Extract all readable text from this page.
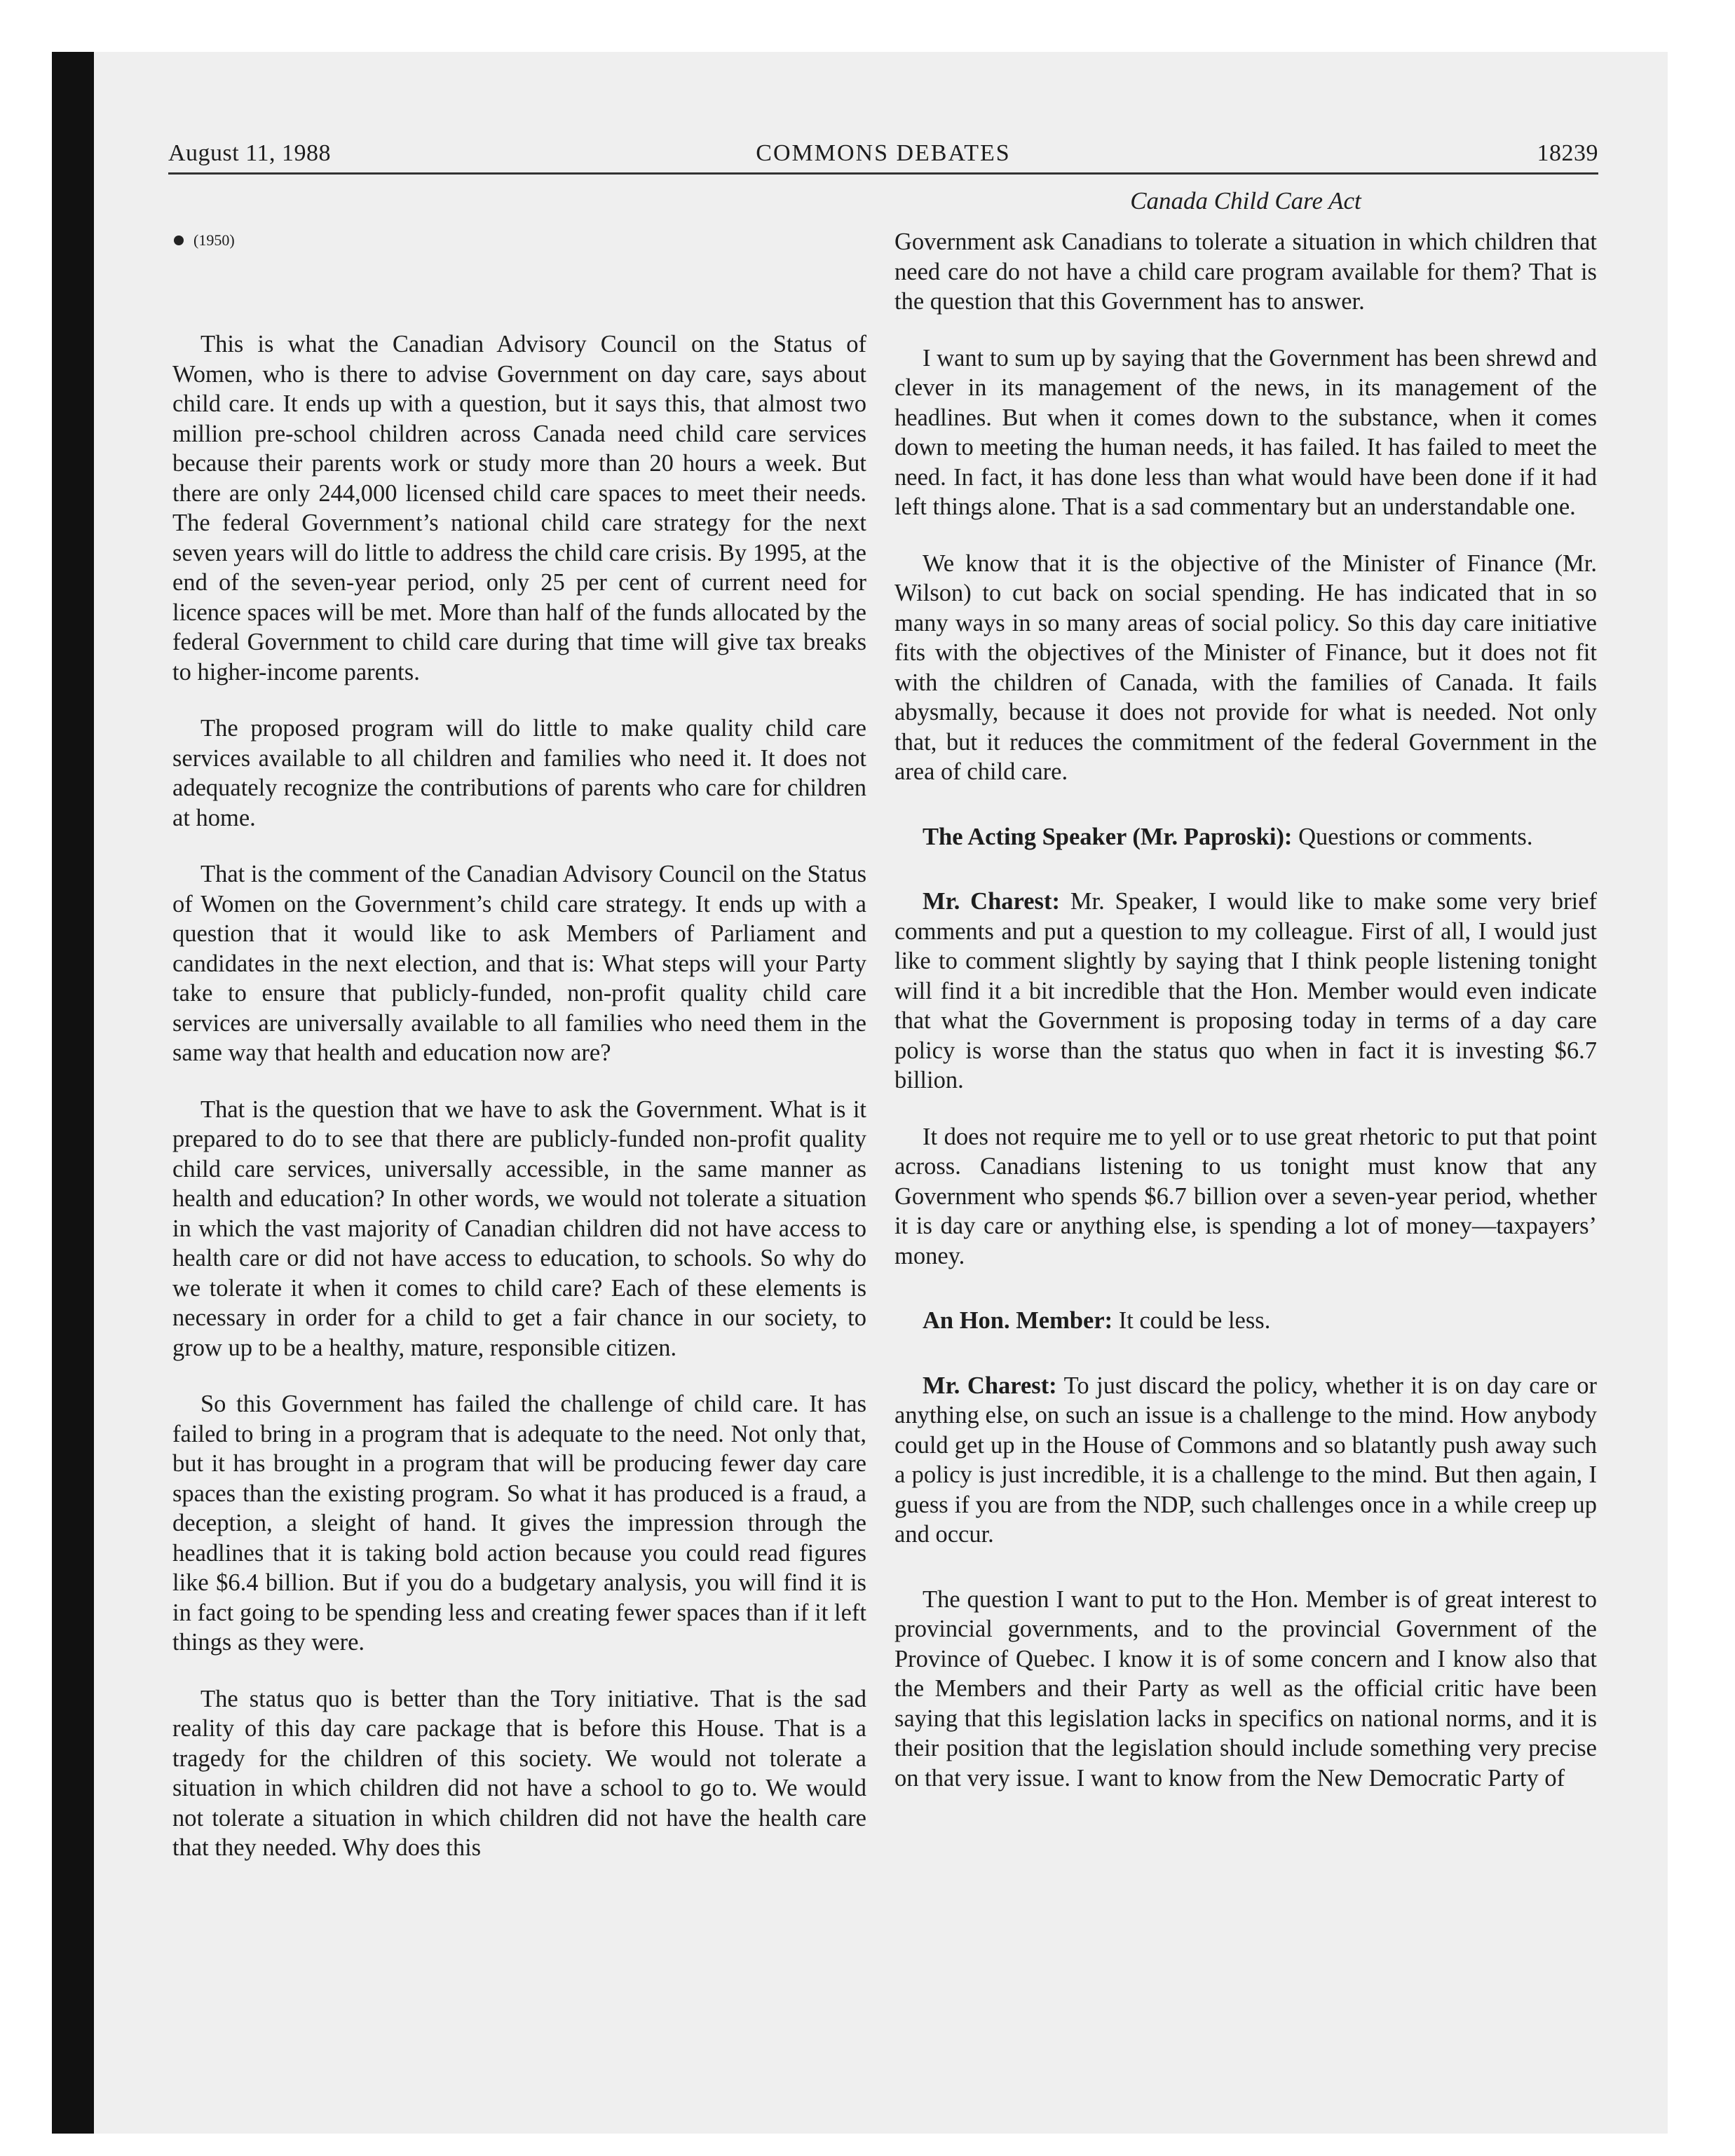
August 11, 1988	COMMONS DEBATES	18239
(1950)

This is what the Canadian Advisory Council on the Status of Women, who is there to advise Government on day care, says about child care. It ends up with a question, but it says this, that almost two million pre-school children across Canada need child care services because their parents work or study more than 20 hours a week. But there are only 244,000 licensed child care spaces to meet their needs. The federal Government’s national child care strategy for the next seven years will do little to address the child care crisis. By 1995, at the end of the seven-year period, only 25 per cent of current need for licence spaces will be met. More than half of the funds allocated by the federal Government to child care during that time will give tax breaks to higher-income parents.

The proposed program will do little to make quality child care services available to all children and families who need it. It does not adequately recognize the contributions of parents who care for children at home.

That is the comment of the Canadian Advisory Council on the Status of Women on the Government’s child care strategy. It ends up with a question that it would like to ask Members of Parliament and candidates in the next election, and that is: What steps will your Party take to ensure that publicly-funded, non-profit quality child care services are universally available to all families who need them in the same way that health and education now are?

That is the question that we have to ask the Government. What is it prepared to do to see that there are publicly-funded non-profit quality child care services, universally accessible, in the same manner as health and education? In other words, we would not tolerate a situation in which the vast majority of Canadian children did not have access to health care or did not have access to education, to schools. So why do we tolerate it when it comes to child care? Each of these elements is necessary in order for a child to get a fair chance in our society, to grow up to be a healthy, mature, responsible citizen.

So this Government has failed the challenge of child care. It has failed to bring in a program that is adequate to the need. Not only that, but it has brought in a program that will be producing fewer day care spaces than the existing program. So what it has produced is a fraud, a deception, a sleight of hand. It gives the impression through the headlines that it is taking bold action because you could read figures like $6.4 billion. But if you do a budgetary analysis, you will find it is in fact going to be spending less and creating fewer spaces than if it left things as they were.

The status quo is better than the Tory initiative. That is the sad reality of this day care package that is before this House. That is a tragedy for the children of this society. We would not tolerate a situation in which children did not have a school to go to. We would not tolerate a situation in which children did not have the health care that they needed. Why does this

Canada Child Care Act

Government ask Canadians to tolerate a situation in which children that need care do not have a child care program available for them? That is the question that this Government has to answer.

I want to sum up by saying that the Government has been shrewd and clever in its management of the news, in its management of the headlines. But when it comes down to the substance, when it comes down to meeting the human needs, it has failed. It has failed to meet the need. In fact, it has done less than what would have been done if it had left things alone. That is a sad commentary but an understandable one.

We know that it is the objective of the Minister of Finance (Mr. Wilson) to cut back on social spending. He has indicated that in so many ways in so many areas of social policy. So this day care initiative fits with the objectives of the Minister of Finance, but it does not fit with the children of Canada, with the families of Canada. It fails abysmally, because it does not provide for what is needed. Not only that, but it reduces the commitment of the federal Government in the area of child care.

The Acting Speaker (Mr. Paproski): Questions or comments.

Mr. Charest: Mr. Speaker, I would like to make some very brief comments and put a question to my colleague. First of all, I would just like to comment slightly by saying that I think people listening tonight will find it a bit incredible that the Hon. Member would even indicate that what the Government is proposing today in terms of a day care policy is worse than the status quo when in fact it is investing $6.7 billion.

It does not require me to yell or to use great rhetoric to put that point across. Canadians listening to us tonight must know that any Government who spends $6.7 billion over a seven-year period, whether it is day care or anything else, is spending a lot of money—taxpayers’ money.

An Hon. Member: It could be less.

Mr. Charest: To just discard the policy, whether it is on day care or anything else, on such an issue is a challenge to the mind. How anybody could get up in the House of Commons and so blatantly push away such a policy is just incredible, it is a challenge to the mind. But then again, I guess if you are from the NDP, such challenges once in a while creep up and occur.

The question I want to put to the Hon. Member is of great interest to provincial governments, and to the provincial Government of the Province of Quebec. I know it is of some concern and I know also that the Members and their Party as well as the official critic have been saying that this legislation lacks in specifics on national norms, and it is their position that the legislation should include something very precise on that very issue. I want to know from the New Democratic Party of
